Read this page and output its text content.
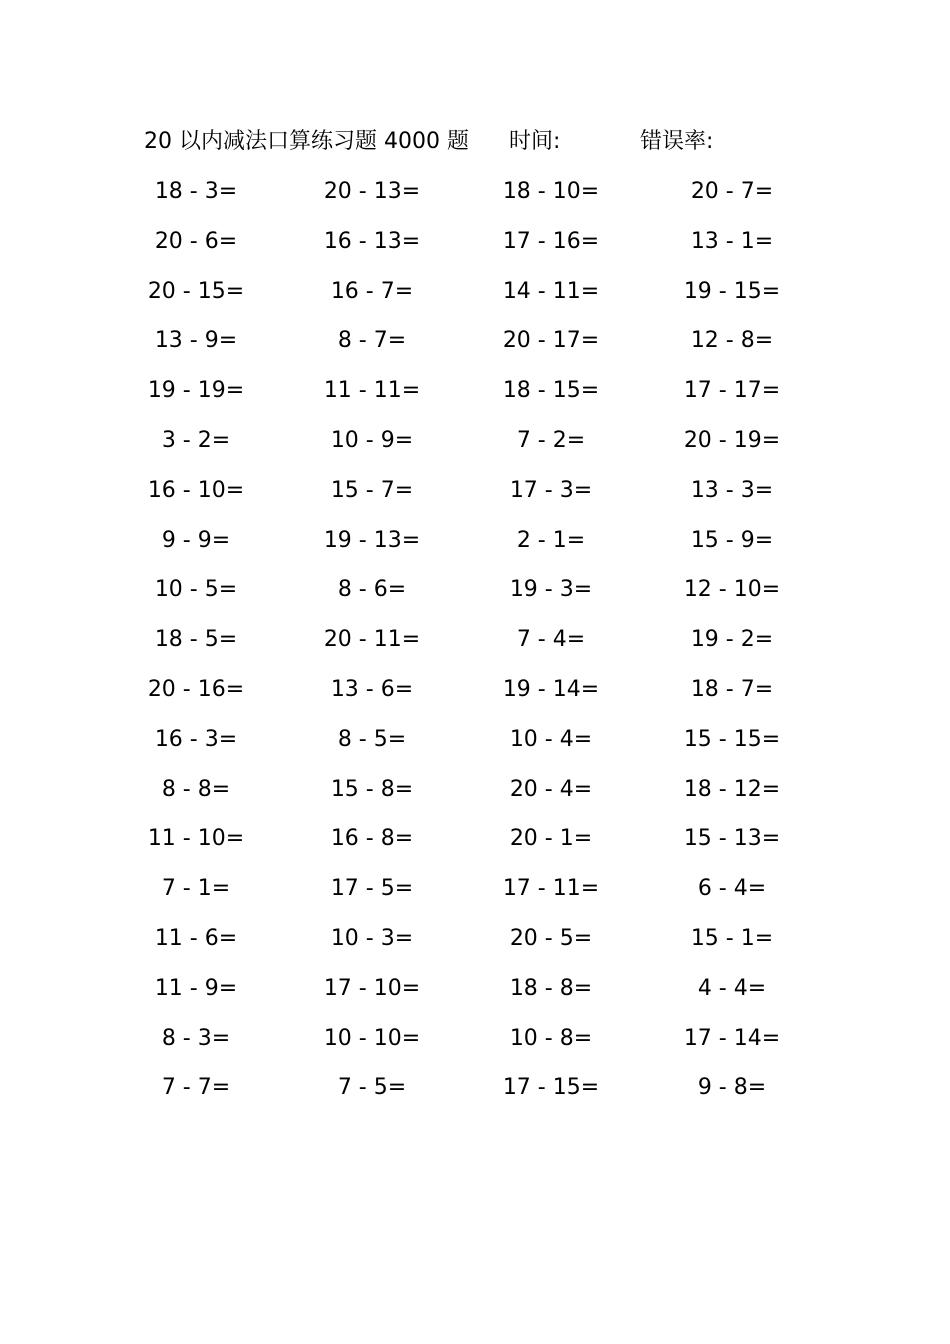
20 以内减法口算练习题 4000 题 时间:	错误率:
18 - 3=	20 - 13=	18 - 10=	20 - 7=
20 - 6=	16 - 13=	17 - 16=	13 - 1=
20 - 15=	16 - 7=	14 - 11=	19 - 15=
13 - 9=	8 - 7=	20 - 17=	12 - 8=
19 - 19=	11 - 11=	18 - 15=	17 - 17=
3 - 2=	10 - 9=	7 - 2=	20 - 19=
16 - 10=	15 - 7=	17 - 3=	13 - 3=
9 - 9=	19 - 13=	2 - 1=	15 - 9=
10 - 5=	8 - 6=	19 - 3=	12 - 10=
18 - 5=	20 - 11=	7 - 4=	19 - 2=
20 - 16=	13 - 6=	19 - 14=	18 - 7=
16 - 3=	8 - 5=	10 - 4=	15 - 15=
8 - 8=	15 - 8=	20 - 4=	18 - 12=
11 - 10=	16 - 8=	20 - 1=	15 - 13=
7 - 1=	17 - 5=	17 - 11=	6 - 4=
11 - 6=	10 - 3=	20 - 5=	15 - 1=
11 - 9=	17 - 10=	18 - 8=	4 - 4=
8 - 3=	10 - 10=	10 - 8=	17 - 14=
7 - 7=	7 - 5=	17 - 15=	9 - 8=
